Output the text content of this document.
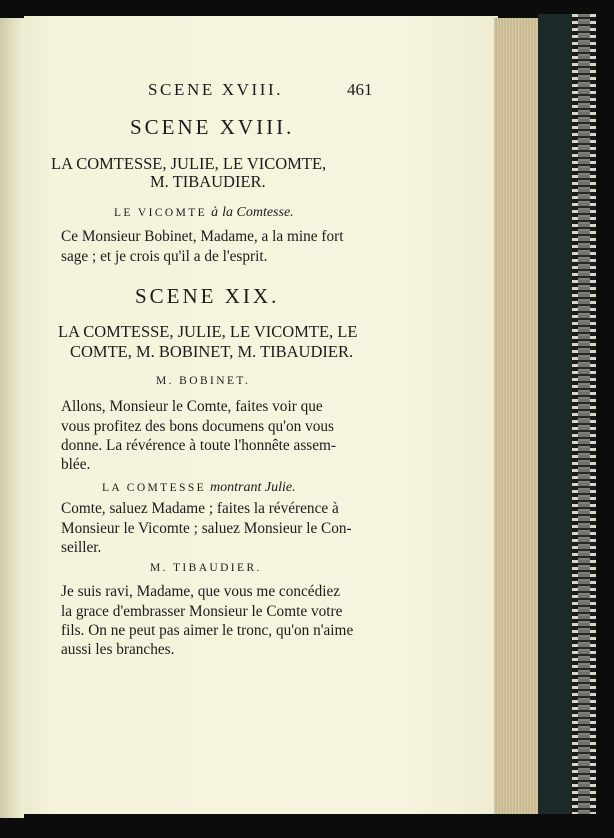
SCENE XVIII.	461
SCENE XVIII.
LA COMTESSE, JULIE, LE VICOMTE,
M. TIBAUDIER.
LE VICOMTE à la Comtesse.
Ce Monsieur Bobinet, Madame, a la mine fort
sage ; et je crois qu'il a de l'esprit.
SCENE XIX.
LA COMTESSE, JULIE, LE VICOMTE, LE
COMTE, M. BOBINET, M. TIBAUDIER.
M. BOBINET.
Allons, Monsieur le Comte, faites voir que
vous profitez des bons documens qu'on vous
donne. La révérence à toute l'honnête assem-
blée.
LA COMTESSE montrant Julie.
Comte, saluez Madame ; faites la révérence à
Monsieur le Vicomte ; saluez Monsieur le Con-
seiller.
M. TIBAUDIER.
Je suis ravi, Madame, que vous me concédiez
la grace d'embrasser Monsieur le Comte votre
fils. On ne peut pas aimer le tronc, qu'on n'aime
aussi les branches.
